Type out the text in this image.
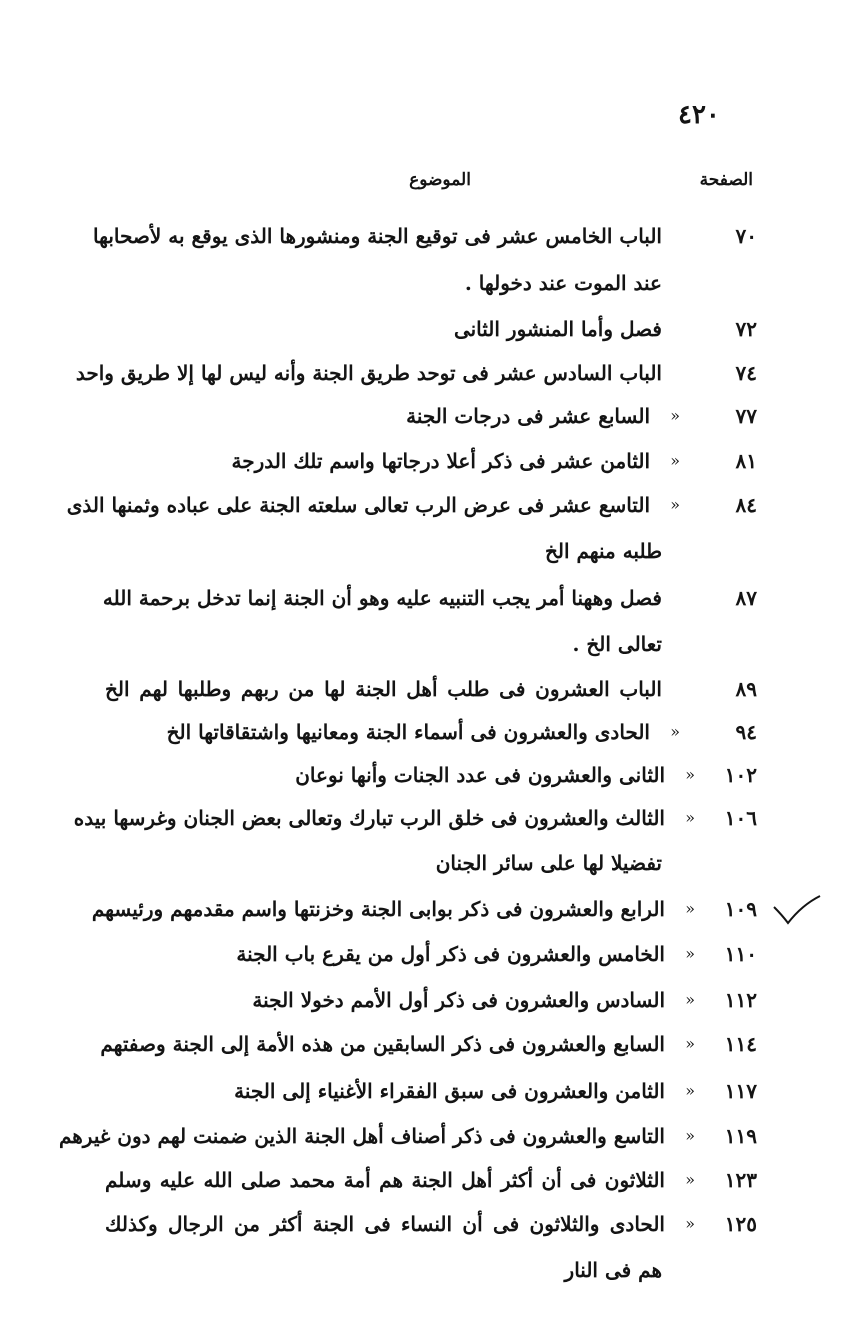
٤٢٠
الصفحة
الموضوع
٧٠
الباب الخامس عشر فى توقيع الجنة ومنشورها الذى يوقع به لأصحابها
عند الموت عند دخولها .
٧٢
فصل وأما المنشور الثانى
٧٤
الباب السادس عشر فى توحد طريق الجنة وأنه ليس لها إلا طريق واحد
٧٧
«
السابع عشر فى درجات الجنة
٨١
«
الثامن عشر فى ذكر أعلا درجاتها واسم تلك الدرجة
٨٤
«
التاسع عشر فى عرض الرب تعالى سلعته الجنة على عباده وثمنها الذى
طلبه منهم الخ
٨٧
فصل وههنا أمر يجب التنبيه عليه وهو أن الجنة إنما تدخل برحمة الله
تعالى الخ .
٨٩
الباب العشرون فى طلب أهل الجنة لها من ربهم وطلبها لهم الخ
٩٤
«
الحادى والعشرون فى أسماء الجنة ومعانيها واشتقاقاتها الخ
١٠٢
«
الثانى والعشرون فى عدد الجنات وأنها نوعان
١٠٦
«
الثالث والعشرون فى خلق الرب تبارك وتعالى بعض الجنان وغرسها بيده
تفضيلا لها على سائر الجنان
١٠٩
«
الرابع والعشرون فى ذكر بوابى الجنة وخزنتها واسم مقدمهم ورئيسهم
١١٠
«
الخامس والعشرون فى ذكر أول من يقرع باب الجنة
١١٢
«
السادس والعشرون فى ذكر أول الأمم دخولا الجنة
١١٤
«
السابع والعشرون فى ذكر السابقين من هذه الأمة إلى الجنة وصفتهم
١١٧
«
الثامن والعشرون فى سبق الفقراء الأغنياء إلى الجنة
١١٩
«
التاسع والعشرون فى ذكر أصناف أهل الجنة الذين ضمنت لهم دون غيرهم
١٢٣
«
الثلاثون فى أن أكثر أهل الجنة هم أمة محمد صلى الله عليه وسلم
١٢٥
«
الحادى والثلاثون فى أن النساء فى الجنة أكثر من الرجال وكذلك
هم فى النار
